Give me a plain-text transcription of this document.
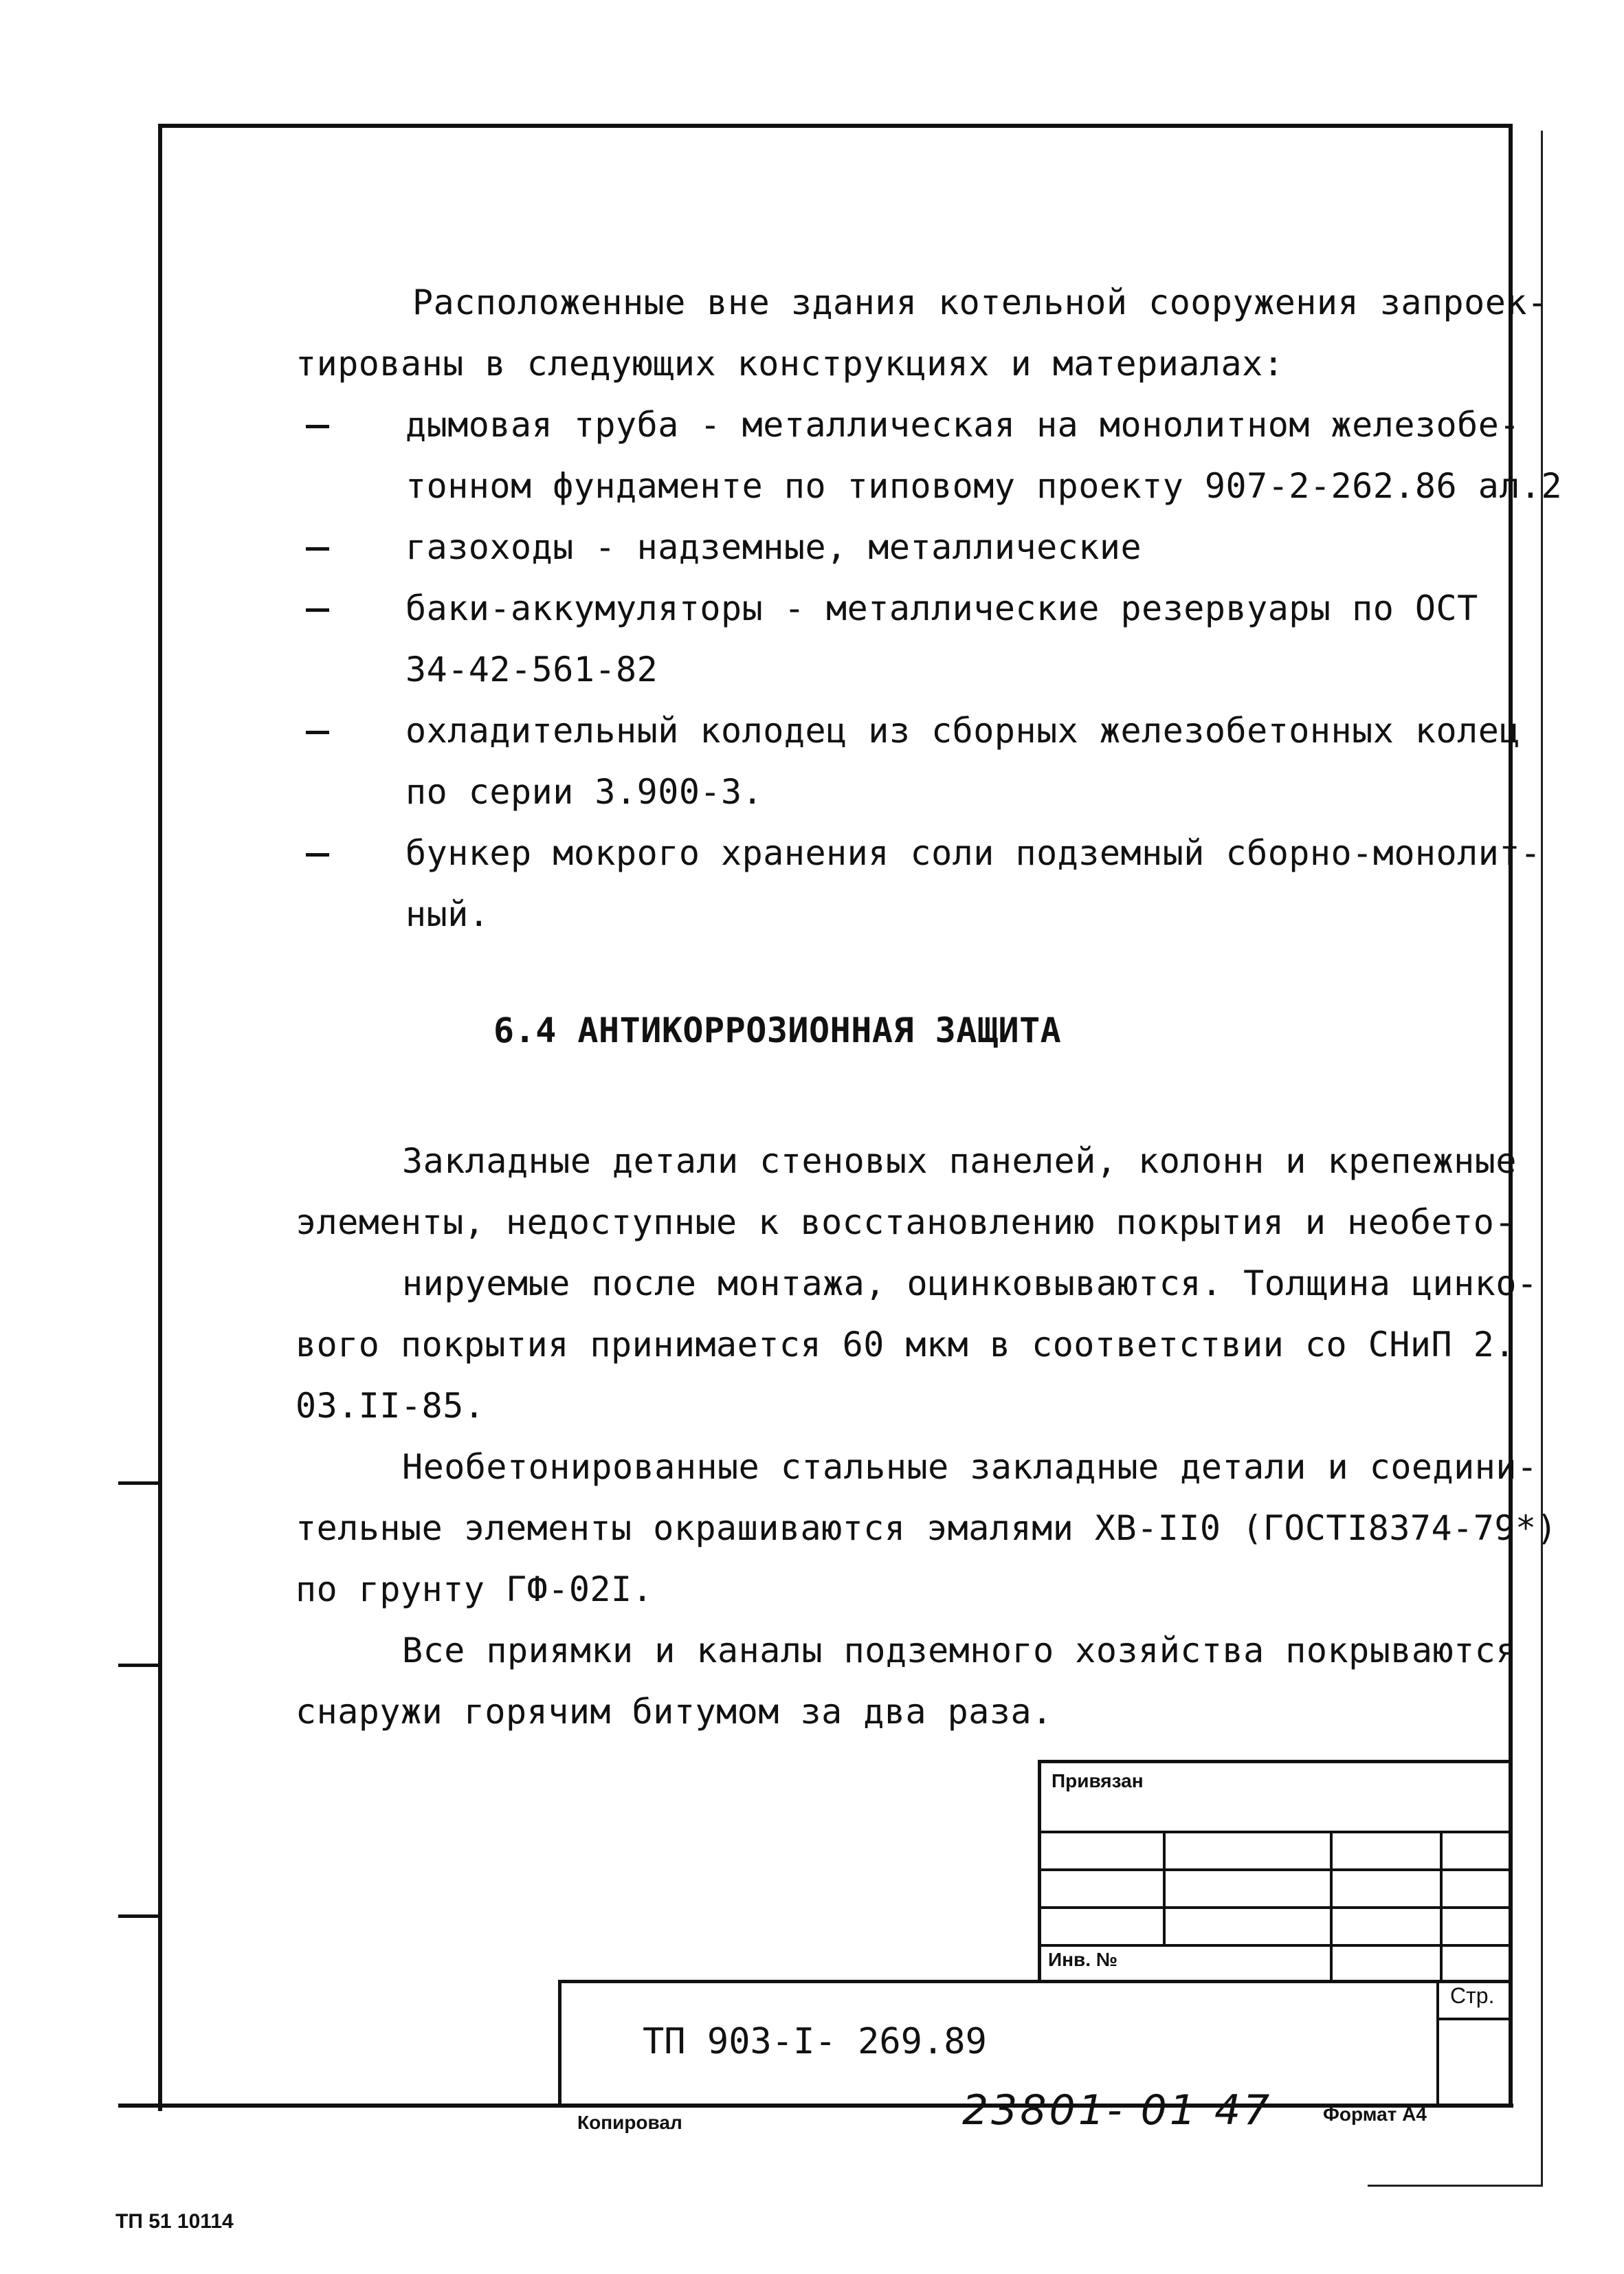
Расположенные вне здания котельной сооружения запроек-
тированы в следующих конструкциях и материалах:
дымовая труба - металлическая на монолитном железобе-
тонном фундаменте по типовому проекту 907-2-262.86 ал.2
газоходы - надземные, металлические
баки-аккумуляторы - металлические резервуары по ОСТ
34-42-561-82
охладительный колодец из сборных железобетонных колец
по серии 3.900-3.
бункер мокрого хранения соли подземный сборно-монолит-
ный.
6.4 АНТИКОРРОЗИОННАЯ ЗАЩИТА
Закладные детали стеновых панелей, колонн и крепежные
элементы, недоступные к восстановлению покрытия и необето-
нируемые после монтажа, оцинковываются. Толщина цинко-
вого покрытия принимается 60 мкм в соответствии со СНиП 2.
03.II-85.
Необетонированные стальные закладные детали и соедини-
тельные элементы окрашиваются эмалями ХВ-II0 (ГОСТI8374-79*)
по грунту ГФ-02I.
Все приямки и каналы подземного хозяйства покрываются
снаружи горячим битумом за два раза.
Привязан
Инв. №
ТП 903-I- 269.89
Стр.
Копировал	23801- 01 47	Формат А4
ТП 51 10114
